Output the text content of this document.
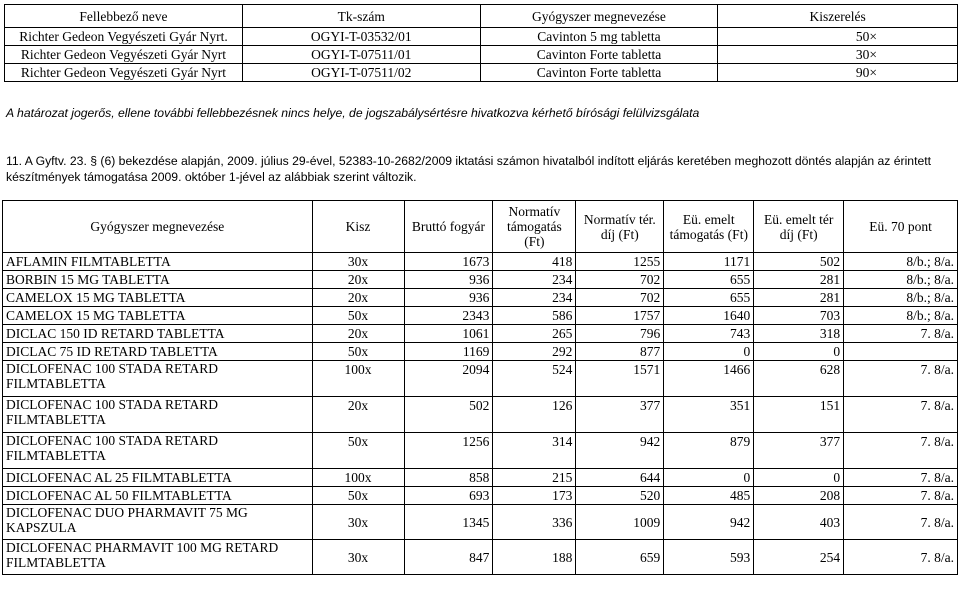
Fellebbező neve	Tk-szám	Gyógyszer megnevezése	Kiszerelés
Richter Gedeon Vegyészeti Gyár Nyrt.	OGYI-T-03532/01	Cavinton 5 mg tabletta	50×
Richter Gedeon Vegyészeti Gyár Nyrt	OGYI-T-07511/01	Cavinton Forte tabletta	30×
Richter Gedeon Vegyészeti Gyár Nyrt	OGYI-T-07511/02	Cavinton Forte tabletta	90×
A határozat jogerős, ellene további fellebbezésnek nincs helye, de jogszabálysértésre hivatkozva kérhető bírósági felülvizsgálata
11. A Gyftv. 23. § (6) bekezdése alapján, 2009. július 29-ével, 52383-10-2682/2009 iktatási számon hivatalból indított eljárás keretében meghozott döntés alapján az érintett készítmények támogatása 2009. október 1-jével az alábbiak szerint változik.
Gyógyszer megnevezése	Kisz	Bruttó fogyár	Normatív támogatás (Ft)	Normatív tér. díj (Ft)	Eü. emelt támogatás (Ft)	Eü. emelt tér díj (Ft)	Eü. 70 pont
AFLAMIN FILMTABLETTA	30x	1673	418	1255	1171	502	8/b.; 8/a.
BORBIN 15 MG TABLETTA	20x	936	234	702	655	281	8/b.; 8/a.
CAMELOX 15 MG TABLETTA	20x	936	234	702	655	281	8/b.; 8/a.
CAMELOX 15 MG TABLETTA	50x	2343	586	1757	1640	703	8/b.; 8/a.
DICLAC 150 ID RETARD TABLETTA	20x	1061	265	796	743	318	7. 8/a.
DICLAC 75 ID RETARD TABLETTA	50x	1169	292	877	0	0	
DICLOFENAC 100 STADA RETARD FILMTABLETTA	100x	2094	524	1571	1466	628	7. 8/a.
DICLOFENAC 100 STADA RETARD FILMTABLETTA	20x	502	126	377	351	151	7. 8/a.
DICLOFENAC 100 STADA RETARD FILMTABLETTA	50x	1256	314	942	879	377	7. 8/a.
DICLOFENAC AL 25 FILMTABLETTA	100x	858	215	644	0	0	7. 8/a.
DICLOFENAC AL 50 FILMTABLETTA	50x	693	173	520	485	208	7. 8/a.
DICLOFENAC DUO PHARMAVIT 75 MG KAPSZULA	30x	1345	336	1009	942	403	7. 8/a.
DICLOFENAC PHARMAVIT 100 MG RETARD FILMTABLETTA	30x	847	188	659	593	254	7. 8/a.
